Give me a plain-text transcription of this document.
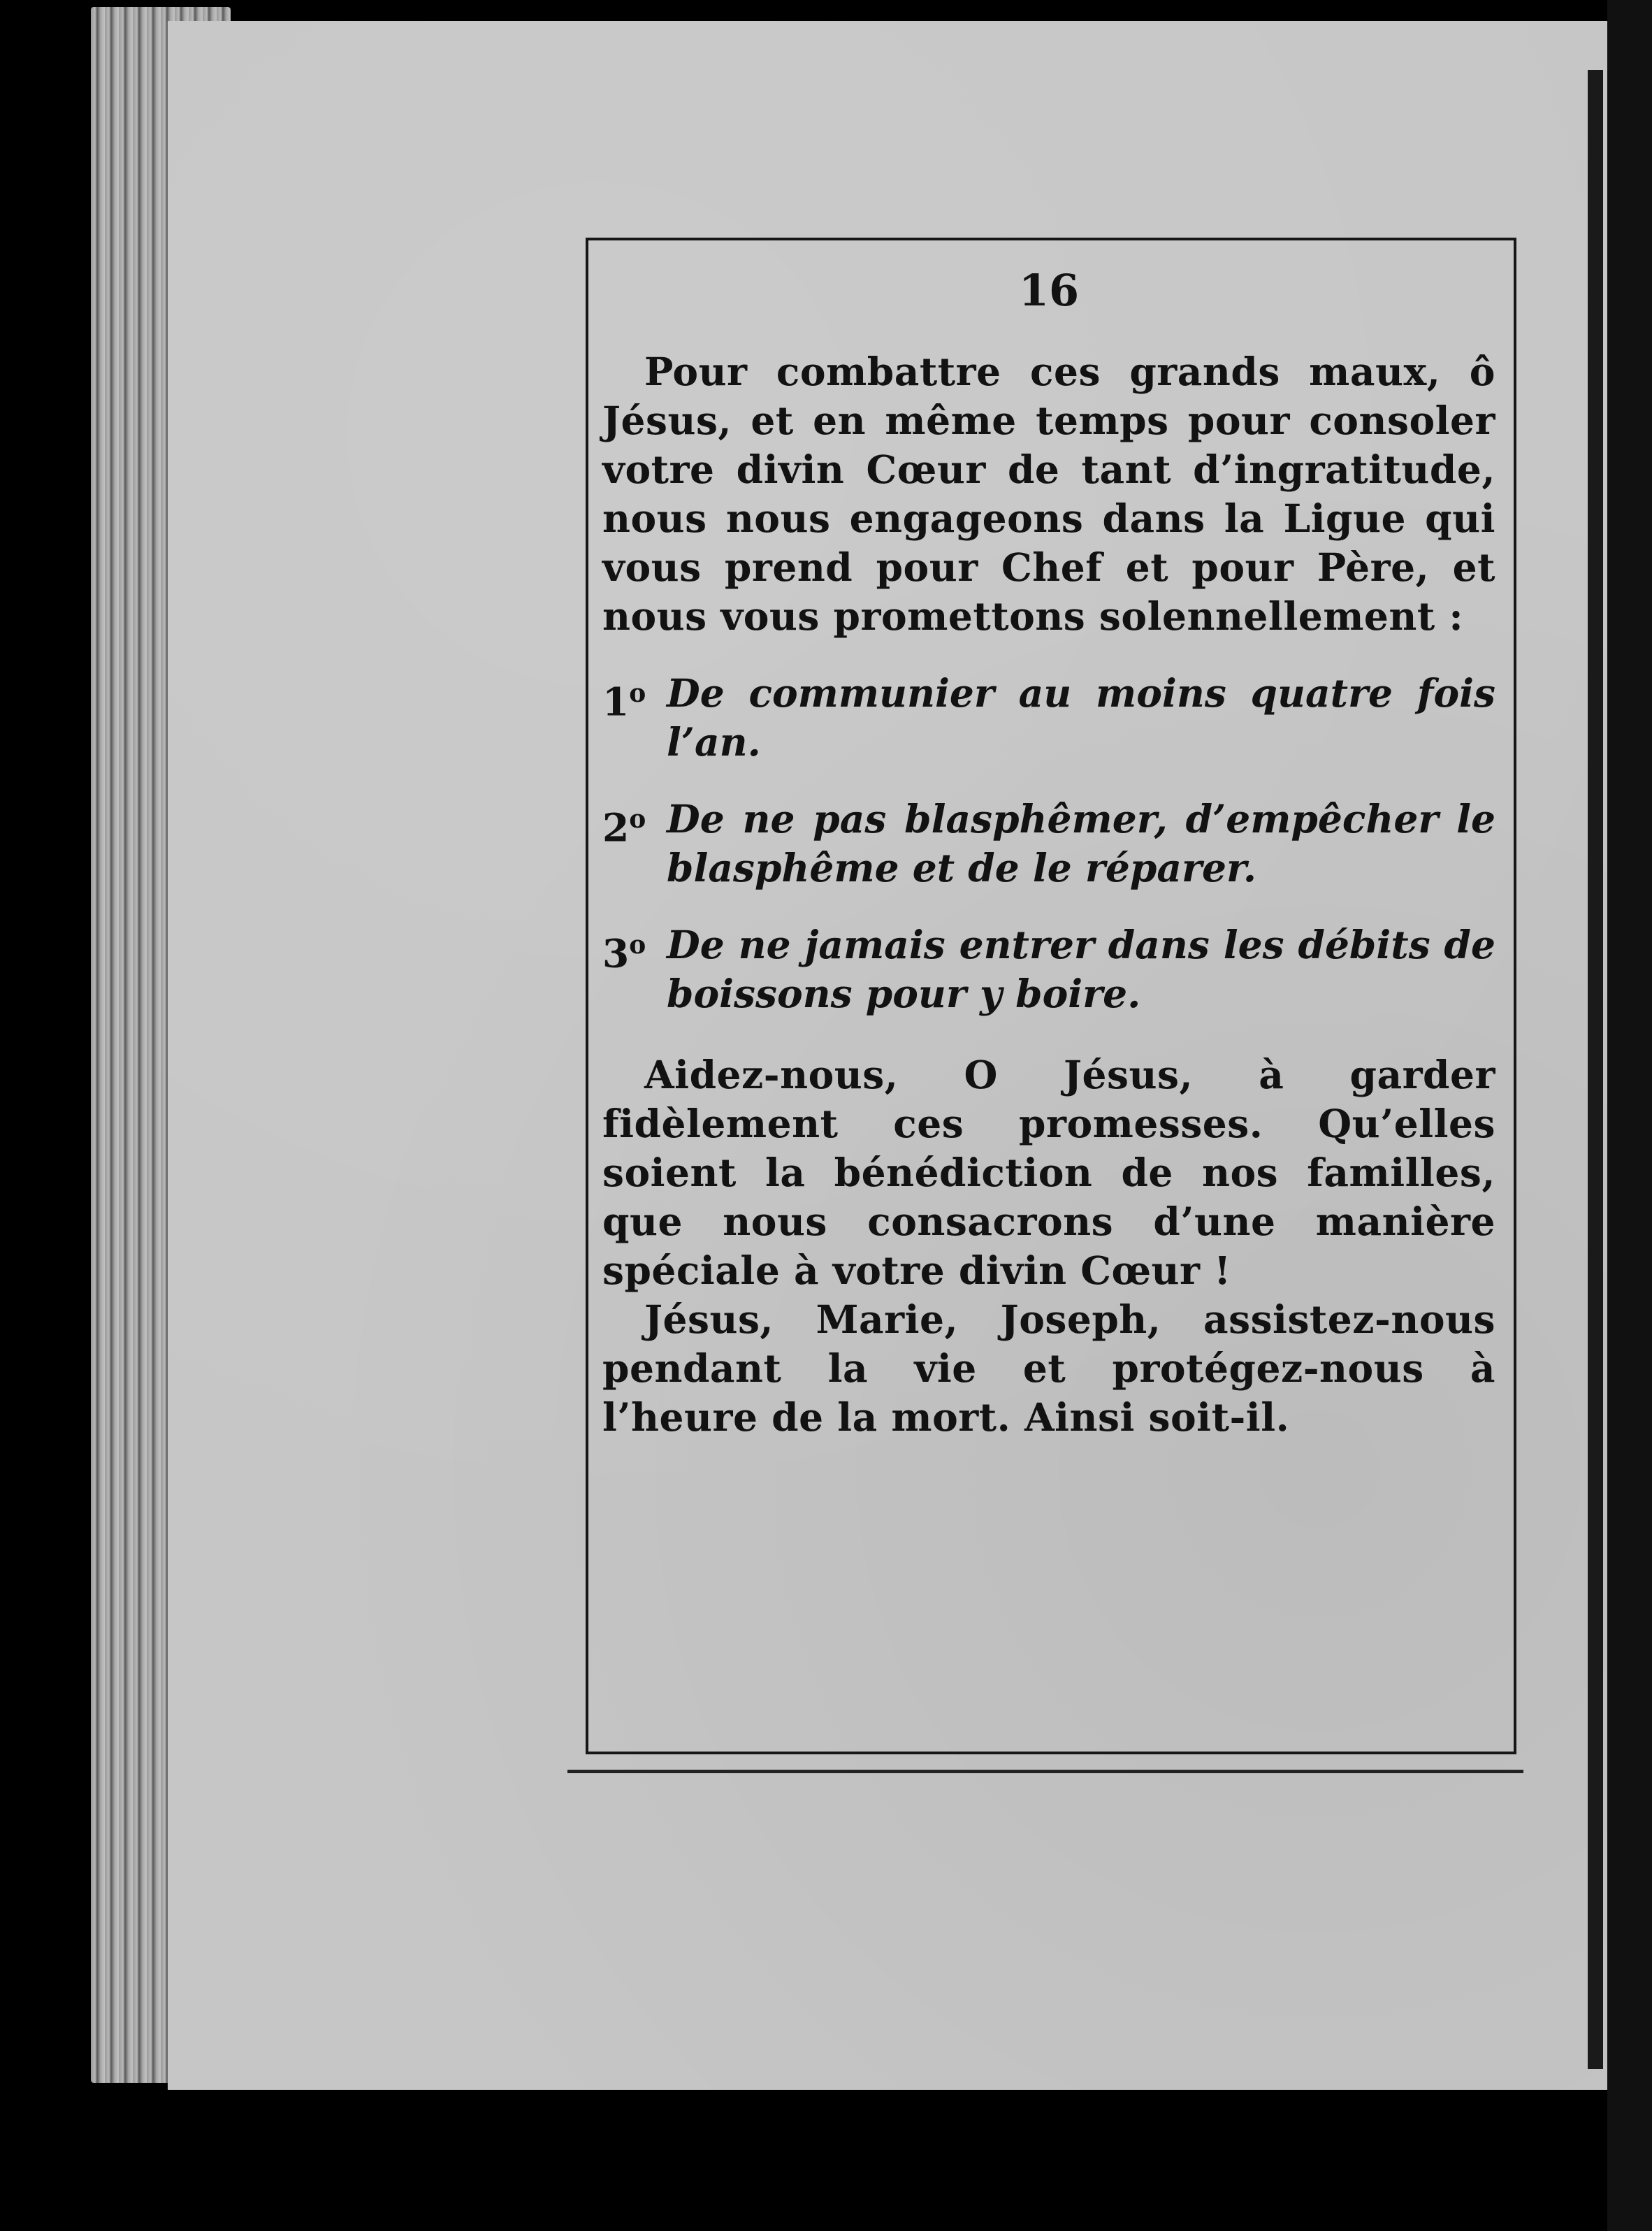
16

Pour combattre ces grands maux, ô Jésus, et en même temps pour consoler votre divin Cœur de tant d’ingratitude, nous nous engageons dans la Ligue qui vous prend pour Chef et pour Père, et nous vous promettons solennellement :

1$^o$ De communier au moins quatre fois l’an.
2$^o$ De ne pas blasphêmer, d’empêcher le blasphême et de le réparer.
3$^o$ De ne jamais entrer dans les débits de boissons pour y boire.

Aidez-nous, O Jésus, à garder fidèlement ces promesses. Qu’elles soient la bénédiction de nos familles, que nous consacrons d’une manière spéciale à votre divin Cœur !

Jésus, Marie, Joseph, assistez-nous pendant la vie et protégez-nous à l’heure de la mort. Ainsi soit-il.
